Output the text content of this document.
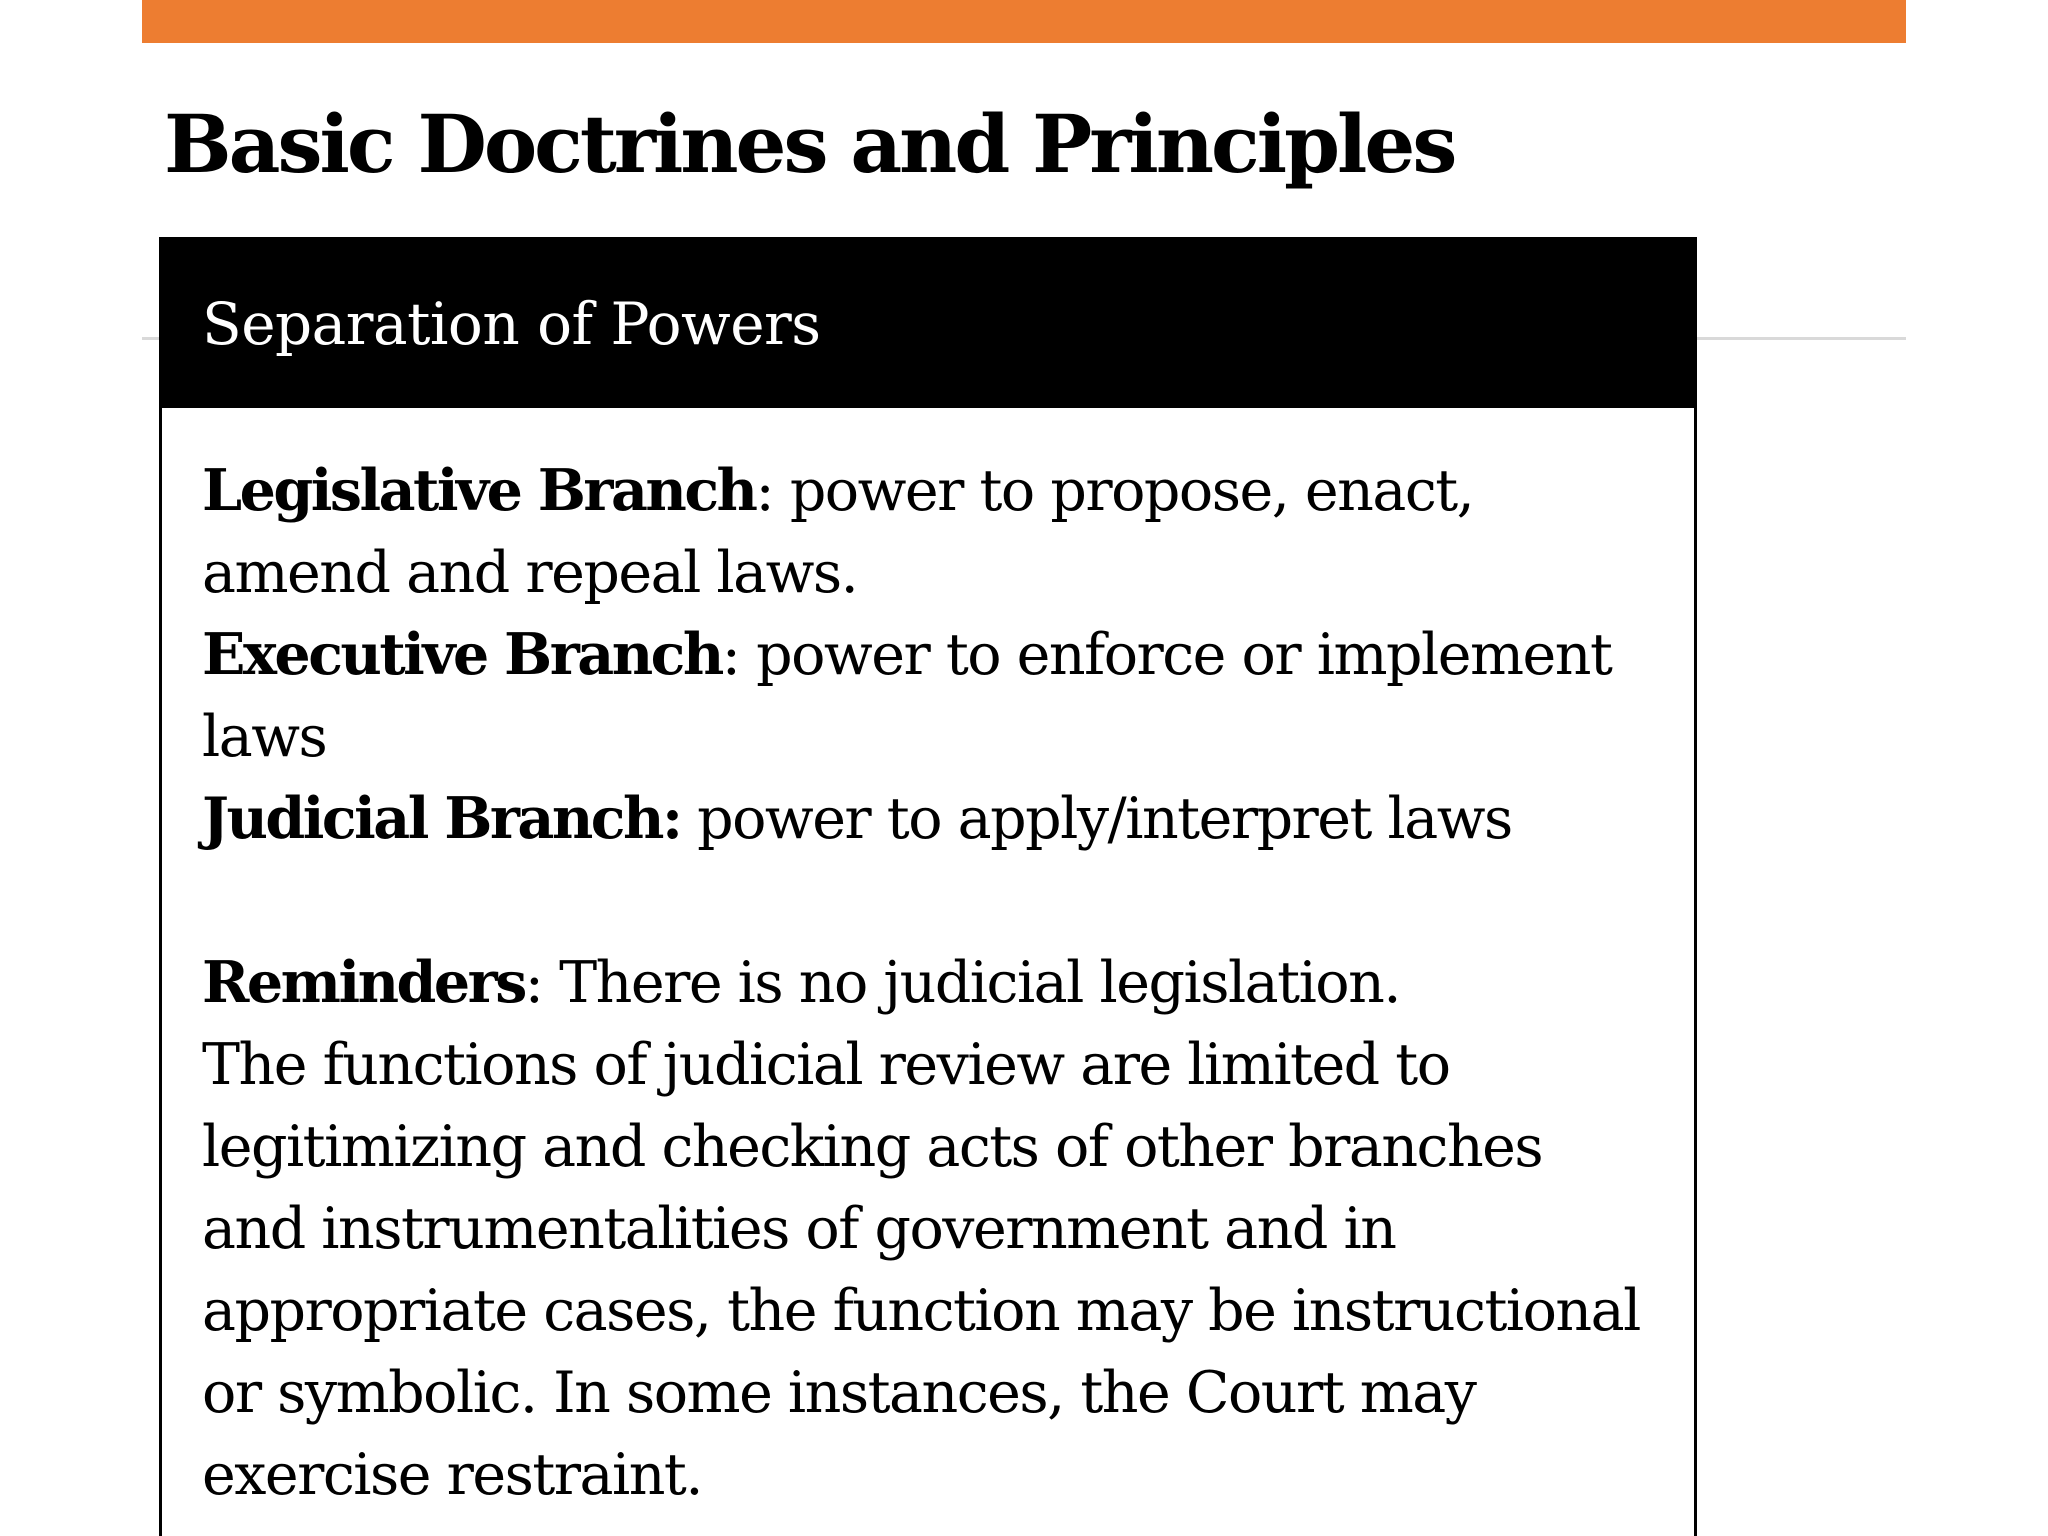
Basic Doctrines and Principles
Separation of Powers

Legislative Branch: power to propose, enact, amend and repeal laws.

Executive Branch: power to enforce or implement laws

Judicial Branch: power to apply/interpret laws

Reminders: There is no judicial legislation.

The functions of judicial review are limited to legitimizing and checking acts of other branches and instrumentalities of government and in appropriate cases, the function may be instructional or symbolic. In some instances, the Court may exercise restraint.
